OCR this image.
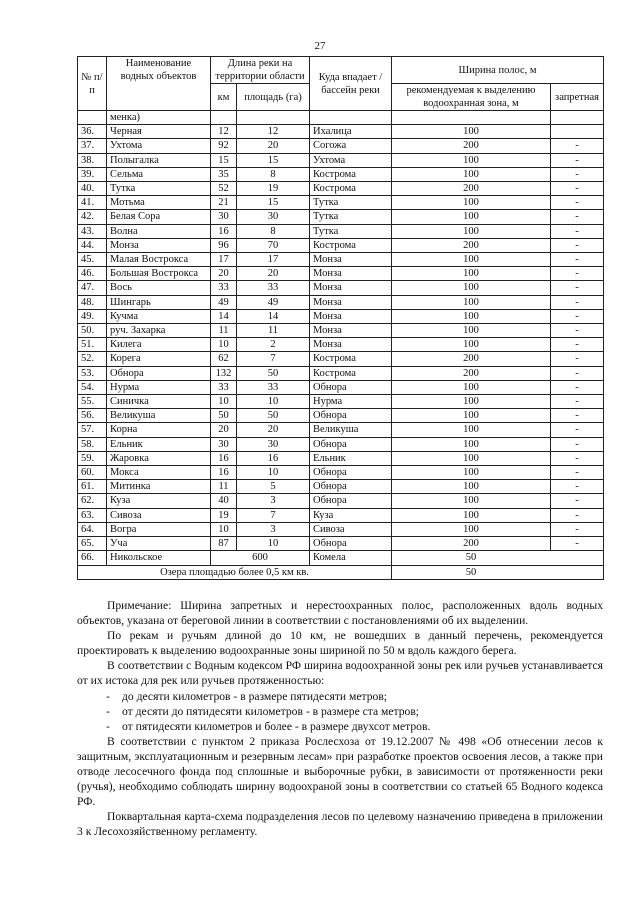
27
№ п/п	Наименование водных объектов	Длина реки на территории области		Куда впадает / бассейн реки	Ширина полос, м	
		км	площадь (га)		рекомендуемая к выделению водоохранная зона, м	запретная
	менка)					
36.	Черная	12	12	Ихалица	100	
37.	Ухтома	92	20	Согожа	200	-
38.	Полыгалка	15	15	Ухтома	100	-
39.	Сельма	35	8	Кострома	100	-
40.	Тутка	52	19	Кострома	200	-
41.	Мотьма	21	15	Тутка	100	-
42.	Белая Сора	30	30	Тутка	100	-
43.	Волна	16	8	Тутка	100	-
44.	Монза	96	70	Кострома	200	-
45.	Малая Вострокса	17	17	Монза	100	-
46.	Большая Вострокса	20	20	Монза	100	-
47.	Вось	33	33	Монза	100	-
48.	Шингарь	49	49	Монза	100	-
49.	Кучма	14	14	Монза	100	-
50.	руч. Захарка	11	11	Монза	100	-
51.	Килега	10	2	Монза	100	-
52.	Корега	62	7	Кострома	200	-
53.	Обнора	132	50	Кострома	200	-
54.	Нурма	33	33	Обнора	100	-
55.	Синичка	10	10	Нурма	100	-
56.	Великуша	50	50	Обнора	100	-
57.	Корна	20	20	Великуша	100	-
58.	Ельник	30	30	Обнора	100	-
59.	Жаровка	16	16	Ельник	100	-
60.	Мокса	16	10	Обнора	100	-
61.	Митинка	11	5	Обнора	100	-
62.	Куза	40	3	Обнора	100	-
63.	Сивоза	19	7	Куза	100	-
64.	Вогра	10	3	Сивоза	100	-
65.	Уча	87	10	Обнора	200	-
66.	Никольское	600		Комела	50	
Озера площадью более 0,5 км кв.					50	

Примечание: Ширина запретных и нерестоохранных полос, расположенных вдоль водных объектов, указана от береговой линии в соответствии с постановлениями об их выделении.

По рекам и ручьям длиной до 10 км, не вошедших в данный перечень, рекомендуется проектировать к выделению водоохранные зоны шириной по 50 м вдоль каждого берега.

В соответствии с Водным кодексом РФ ширина водоохранной зоны рек или ручьев устанавливается от их истока для рек или ручьев протяженностью:

-	до десяти километров - в размере пятидесяти метров;

-	от десяти до пятидесяти километров - в размере ста метров;

-	от пятидесяти километров и более - в размере двухсот метров.

В соответствии с пунктом 2 приказа Рослесхоза от 19.12.2007 № 498 «Об отнесении лесов к защитным, эксплуатационным и резервным лесам» при разработке проектов освоения лесов, а также при отводе лесосечного фонда под сплошные и выборочные рубки, в зависимости от протяженности реки (ручья), необходимо соблюдать ширину водоохраной зоны в соответствии со статьей 65 Водного кодекса РФ.

Поквартальная карта-схема подразделения лесов по целевому назначению приведена в приложении 3 к Лесохозяйственному регламенту.
